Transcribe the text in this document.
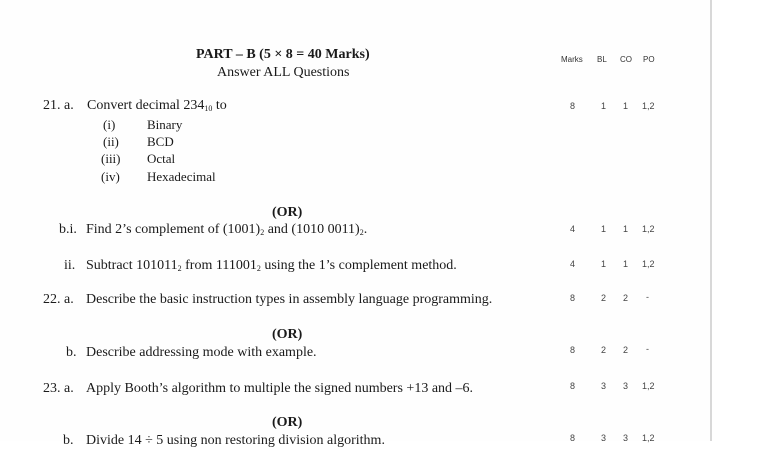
PART – B (5 × 8 = 40 Marks)
Answer ALL Questions
Marks BL CO PO
21. a. Convert decimal $234_{10}$ to
(i) Binary
(ii) BCD
(iii) Octal
(iv) Hexadecimal
8	1 1 1,2
(OR)
b.i. Find 2’s complement of $(1001)_2$ and (1010 $0011)_2$.	4	1 1 1,2
ii. Subtract $101011_2$ from $111001_2$ using the 1’s complement method.	4	1 1 1,2
22. a. Describe the basic instruction types in assembly language programming.	8	2 2 -
(OR)
b. Describe addressing mode with example.	8	2 2 -
23. a. Apply Booth’s algorithm to multiple the signed numbers +13 and –6.	8	3 3 1,2
(OR)
b. Divide 14 ÷ 5 using non restoring division algorithm.	8	3 3 1,2
